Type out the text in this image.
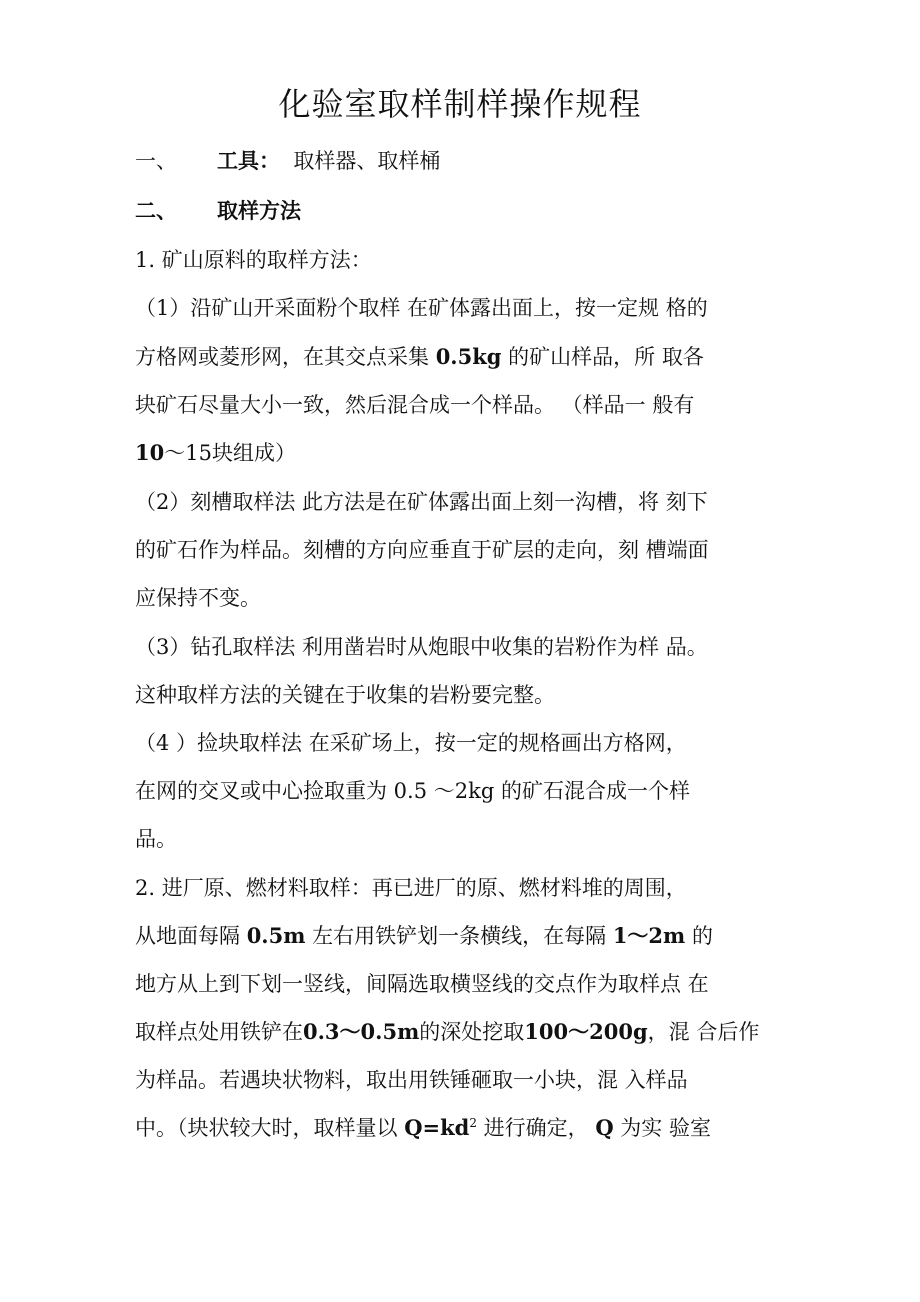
化验室取样制样操作规程
一、 工具： 取样器、取样桶
二、 取样方法
1. 矿山原料的取样方法：
（1）沿矿山开采面粉个取样 在矿体露出面上，按一定规 格的
方格网或菱形网，在其交点采集 0.5kg 的矿山样品，所 取各
块矿石尽量大小一致，然后混合成一个样品。 （样品一 般有
10～15块组成）
（2）刻槽取样法 此方法是在矿体露出面上刻一沟槽，将 刻下
的矿石作为样品。刻槽的方向应垂直于矿层的走向，刻 槽端面
应保持不变。
（3）钻孔取样法 利用凿岩时从炮眼中收集的岩粉作为样 品。
这种取样方法的关键在于收集的岩粉要完整。
（4 ）捡块取样法 在采矿场上，按一定的规格画出方格网，
在网的交叉或中心捡取重为 0.5 ～2kg 的矿石混合成一个样
品。
2. 进厂原、燃材料取样：再已进厂的原、燃材料堆的周围，
从地面每隔 0.5m 左右用铁铲划一条横线，在每隔 1～2m 的
地方从上到下划一竖线，间隔选取横竖线的交点作为取样点 在
取样点处用铁铲在0.3～0.5m的深处挖取100～200g，混 合后作
为样品。若遇块状物料，取出用铁锤砸取一小块，混 入样品
中。（块状较大时，取样量以 $Q=kd^2$ 进行确定， Q 为实 验室
